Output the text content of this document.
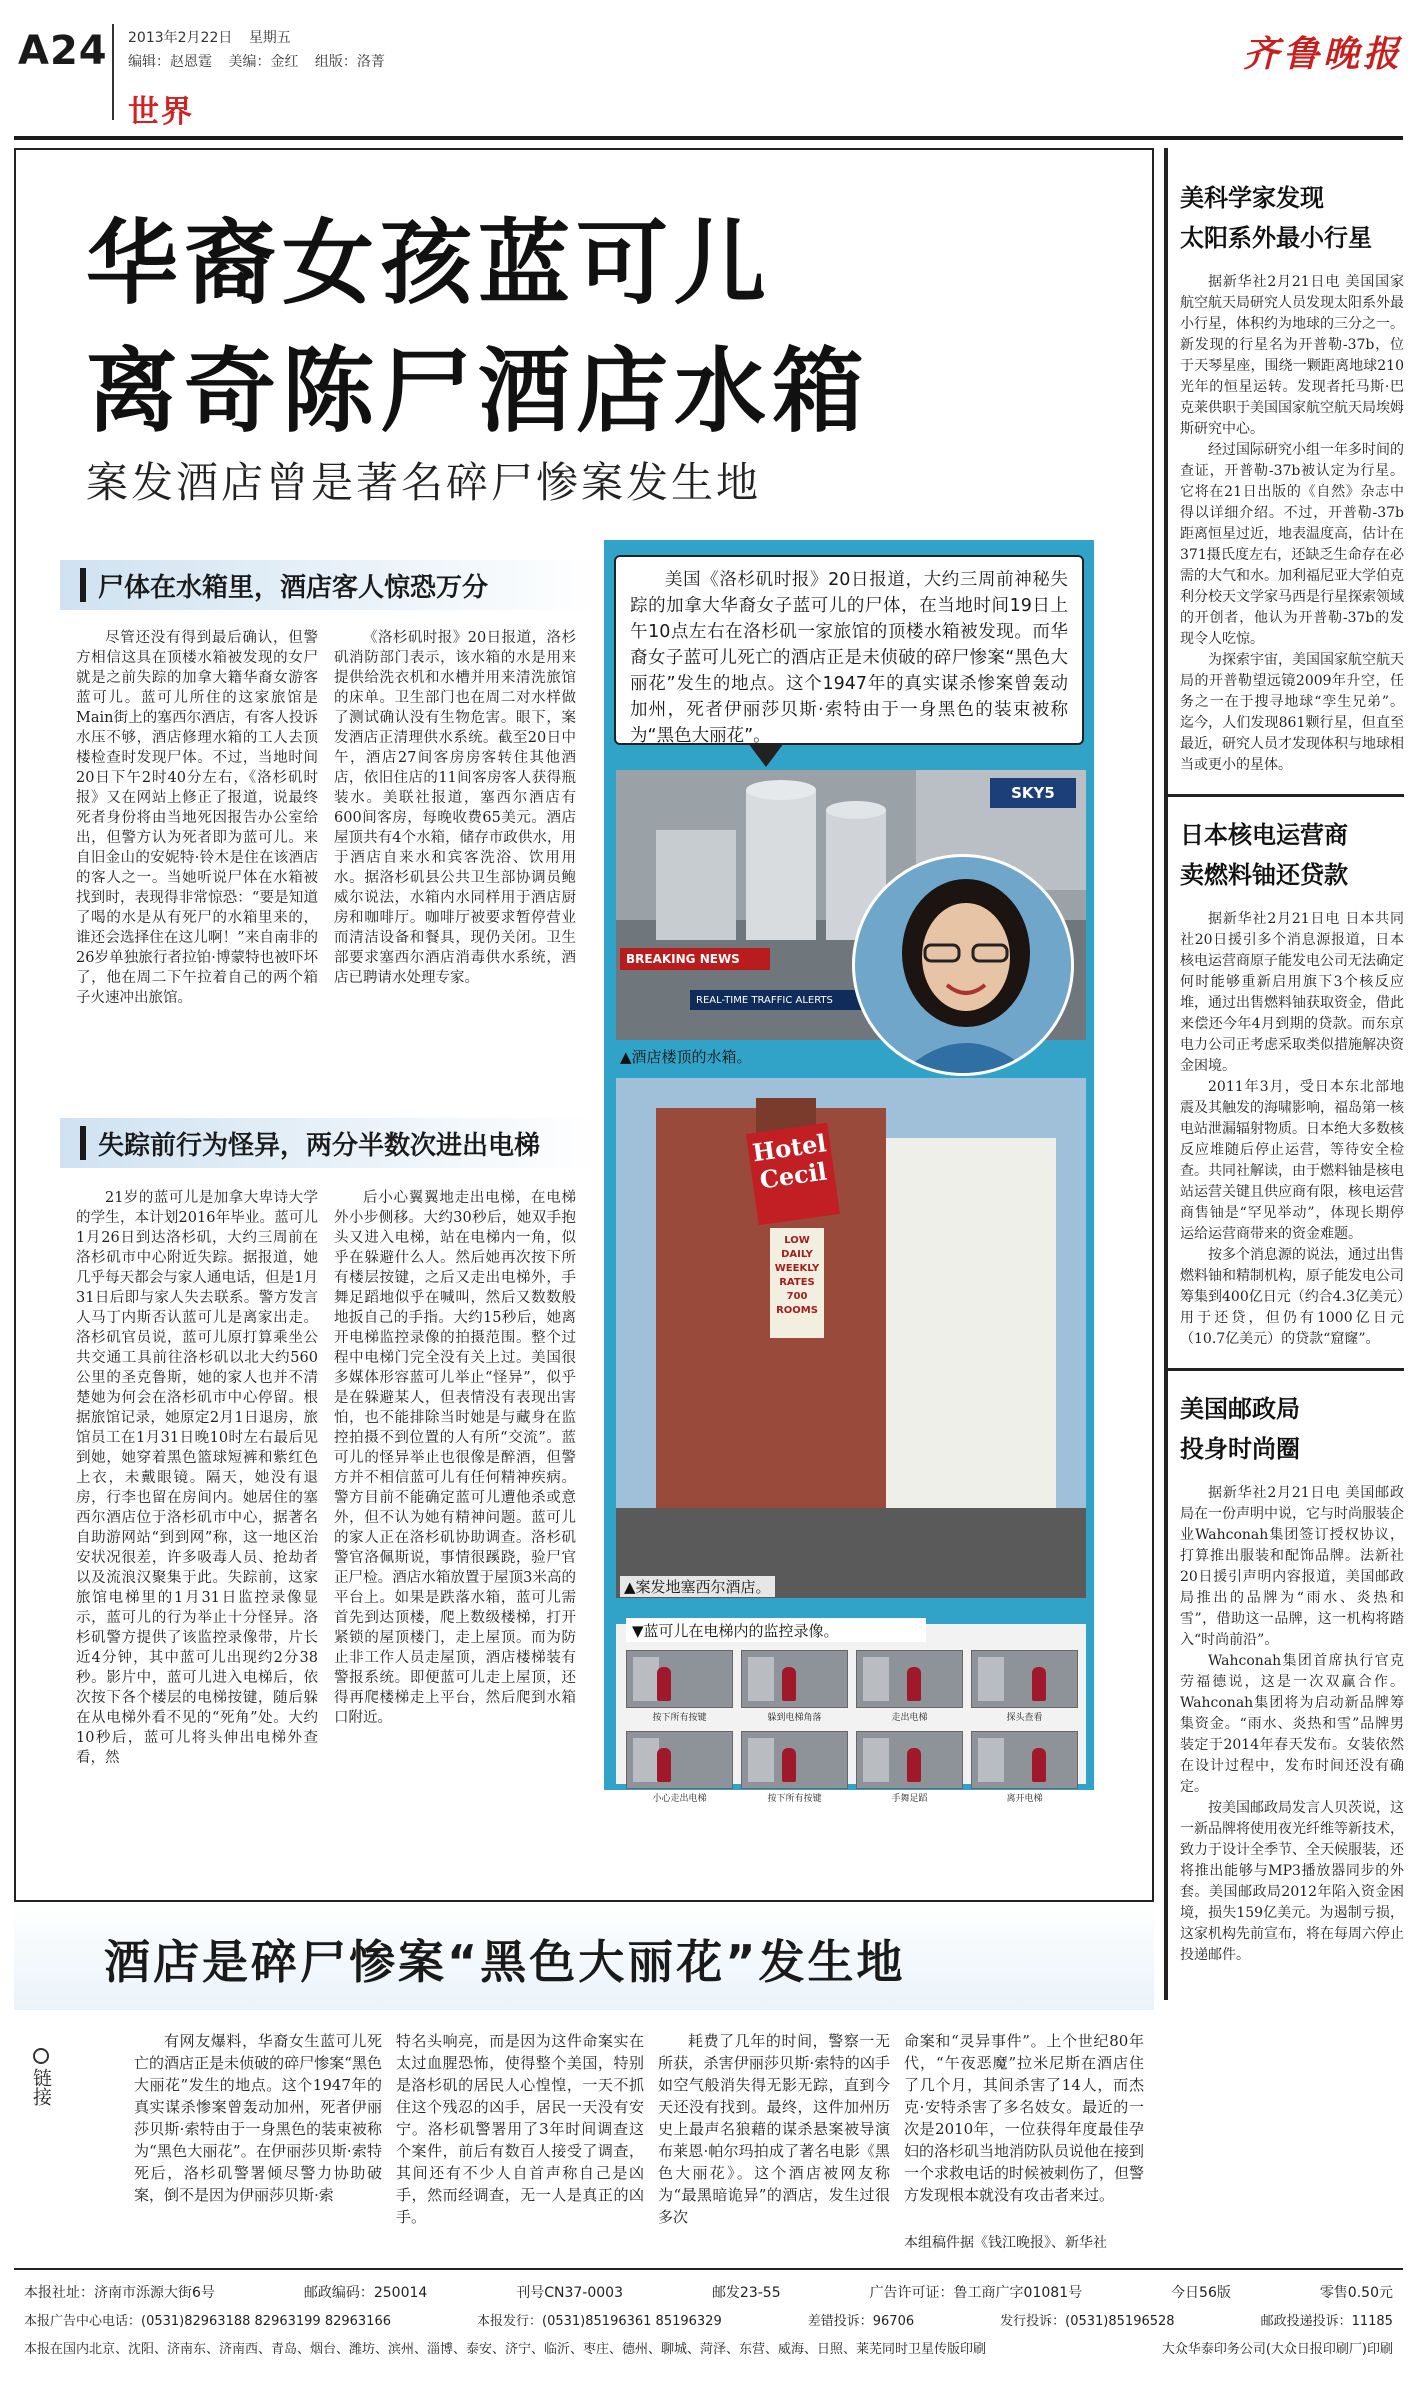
A24 2013年2月22日 星期五
编辑：赵恩霆 美编：金红 组版：洛菁
世界
齐鲁晚报
华裔女孩蓝可儿
离奇陈尸酒店水箱
案发酒店曾是著名碎尸惨案发生地
尸体在水箱里，酒店客人惊恐万分

尽管还没有得到最后确认，但警方相信这具在顶楼水箱被发现的女尸就是之前失踪的加拿大籍华裔女游客蓝可儿。蓝可儿所住的这家旅馆是Main街上的塞西尔酒店，有客人投诉水压不够，酒店修理水箱的工人去顶楼检查时发现尸体。不过，当地时间20日下午2时40分左右，《洛杉矶时报》又在网站上修正了报道，说最终死者身份将由当地死因报告办公室给出，但警方认为死者即为蓝可儿。来自旧金山的安妮特·铃木是住在该酒店的客人之一。当她听说尸体在水箱被找到时，表现得非常惊恐：“要是知道了喝的水是从有死尸的水箱里来的，谁还会选择住在这儿啊！”来自南非的26岁单独旅行者拉铂·博蒙特也被吓坏了，他在周二下午拉着自己的两个箱子火速冲出旅馆。

《洛杉矶时报》20日报道，洛杉矶消防部门表示，该水箱的水是用来提供给洗衣机和水槽并用来清洗旅馆的床单。卫生部门也在周二对水样做了测试确认没有生物危害。眼下，案发酒店正清理供水系统。截至20日中午，酒店27间客房房客转住其他酒店，依旧住店的11间客房客人获得瓶装水。美联社报道，塞西尔酒店有600间客房，每晚收费65美元。酒店屋顶共有4个水箱，储存市政供水，用于酒店自来水和宾客洗浴、饮用用水。据洛杉矶县公共卫生部协调员鲍威尔说法，水箱内水同样用于酒店厨房和咖啡厅。咖啡厅被要求暂停营业而清洁设备和餐具，现仍关闭。卫生部要求塞西尔酒店消毒供水系统，酒店已聘请水处理专家。

失踪前行为怪异，两分半数次进出电梯

21岁的蓝可儿是加拿大卑诗大学的学生，本计划2016年毕业。蓝可儿1月26日到达洛杉矶，大约三周前在洛杉矶市中心附近失踪。据报道，她几乎每天都会与家人通电话，但是1月31日后即与家人失去联系。警方发言人马丁内斯否认蓝可儿是离家出走。洛杉矶官员说，蓝可儿原打算乘坐公共交通工具前往洛杉矶以北大约560公里的圣克鲁斯，她的家人也并不清楚她为何会在洛杉矶市中心停留。根据旅馆记录，她原定2月1日退房，旅馆员工在1月31日晚10时左右最后见到她，她穿着黑色篮球短裤和紫红色上衣，未戴眼镜。隔天，她没有退房，行李也留在房间内。她居住的塞西尔酒店位于洛杉矶市中心，据著名自助游网站“到到网”称，这一地区治安状况很差，许多吸毒人员、抢劫者以及流浪汉聚集于此。失踪前，这家旅馆电梯里的1月31日监控录像显示，蓝可儿的行为举止十分怪异。洛杉矶警方提供了该监控录像带，片长近4分钟，其中蓝可儿出现约2分38秒。影片中，蓝可儿进入电梯后，依次按下各个楼层的电梯按键，随后躲在从电梯外看不见的“死角”处。大约10秒后，蓝可儿将头伸出电梯外查看，然

后小心翼翼地走出电梯，在电梯外小步侧移。大约30秒后，她双手抱头又进入电梯，站在电梯内一角，似乎在躲避什么人。然后她再次按下所有楼层按键，之后又走出电梯外，手舞足蹈地似乎在喊叫，然后又数数般地扳自己的手指。大约15秒后，她离开电梯监控录像的拍摄范围。整个过程中电梯门完全没有关上过。美国很多媒体形容蓝可儿举止“怪异”，似乎是在躲避某人，但表情没有表现出害怕，也不能排除当时她是与藏身在监控拍摄不到位置的人有所“交流”。蓝可儿的怪异举止也很像是醉酒，但警方并不相信蓝可儿有任何精神疾病。警方目前不能确定蓝可儿遭他杀或意外，但不认为她有精神问题。蓝可儿的家人正在洛杉矶协助调查。洛杉矶警官洛佩斯说，事情很蹊跷，验尸官正尸检。酒店水箱放置于屋顶3米高的平台上。如果是跌落水箱，蓝可儿需首先到达顶楼，爬上数级楼梯，打开紧锁的屋顶楼门，走上屋顶。而为防止非工作人员走屋顶，酒店楼梯装有警报系统。即便蓝可儿走上屋顶，还得再爬楼梯走上平台，然后爬到水箱口附近。

美国《洛杉矶时报》20日报道，大约三周前神秘失踪的加拿大华裔女子蓝可儿的尸体，在当地时间19日上午10点左右在洛杉矶一家旅馆的顶楼水箱被发现。而华裔女子蓝可儿死亡的酒店正是未侦破的碎尸惨案“黑色大丽花”发生的地点。这个1947年的真实谋杀惨案曾轰动加州，死者伊丽莎贝斯·索特由于一身黑色的装束被称为“黑色大丽花”。
SKY5
BREAKING NEWS
REAL-TIME TRAFFIC ALERTS
▲酒店楼顶的水箱。
Hotel Cecil
LOW DAILY WEEKLY RATES 700 ROOMS
▲案发地塞西尔酒店。
▼蓝可儿在电梯内的监控录像。
按下所有按键	躲到电梯角落	走出电梯	探头查看
小心走出电梯	按下所有按键	手舞足蹈	离开电梯
酒店是碎尸惨案“黑色大丽花”发生地
链接

有网友爆料，华裔女生蓝可儿死亡的酒店正是未侦破的碎尸惨案“黑色大丽花”发生的地点。这个1947年的真实谋杀惨案曾轰动加州，死者伊丽莎贝斯·索特由于一身黑色的装束被称为“黑色大丽花”。在伊丽莎贝斯·索特死后，洛杉矶警署倾尽警力协助破案，倒不是因为伊丽莎贝斯·索

特名头响亮，而是因为这件命案实在太过血腥恐怖，使得整个美国，特别是洛杉矶的居民人心惶惶，一天不抓住这个残忍的凶手，居民一天没有安宁。洛杉矶警署用了3年时间调查这个案件，前后有数百人接受了调查，其间还有不少人自首声称自己是凶手，然而经调查，无一人是真正的凶手。

耗费了几年的时间，警察一无所获，杀害伊丽莎贝斯·索特的凶手如空气般消失得无影无踪，直到今天还没有找到。最终，这件加州历史上最声名狼藉的谋杀悬案被导演布莱恩·帕尔玛拍成了著名电影《黑色大丽花》。这个酒店被网友称为“最黑暗诡异”的酒店，发生过很多次

命案和“灵异事件”。上个世纪80年代，“午夜恶魔”拉米尼斯在酒店住了几个月，其间杀害了14人，而杰克·安特杀害了多名妓女。最近的一次是2010年，一位获得年度最佳孕妇的洛杉矶当地消防队员说他在接到一个求救电话的时候被刺伤了，但警方发现根本就没有攻击者来过。

本组稿件据《钱江晚报》、新华社
美科学家发现
太阳系外最小行星

据新华社2月21日电 美国国家航空航天局研究人员发现太阳系外最小行星，体积约为地球的三分之一。新发现的行星名为开普勒-37b，位于天琴星座，围绕一颗距离地球210光年的恒星运转。发现者托马斯·巴克莱供职于美国国家航空航天局埃姆斯研究中心。

经过国际研究小组一年多时间的查证，开普勒-37b被认定为行星。它将在21日出版的《自然》杂志中得以详细介绍。不过，开普勒-37b距离恒星过近，地表温度高，估计在371摄氏度左右，还缺乏生命存在必需的大气和水。加利福尼亚大学伯克利分校天文学家马西是行星探索领域的开创者，他认为开普勒-37b的发现令人吃惊。

为探索宇宙，美国国家航空航天局的开普勒望远镜2009年升空，任务之一在于搜寻地球“孪生兄弟”。迄今，人们发现861颗行星，但直至最近，研究人员才发现体积与地球相当或更小的星体。

日本核电运营商
卖燃料铀还贷款

据新华社2月21日电 日本共同社20日援引多个消息源报道，日本核电运营商原子能发电公司无法确定何时能够重新启用旗下3个核反应堆，通过出售燃料铀获取资金，借此来偿还今年4月到期的贷款。而东京电力公司正考虑采取类似措施解决资金困境。

2011年3月，受日本东北部地震及其触发的海啸影响，福岛第一核电站泄漏辐射物质。日本绝大多数核反应堆随后停止运营，等待安全检查。共同社解读，由于燃料铀是核电站运营关键且供应商有限，核电运营商售铀是“罕见举动”，体现长期停运给运营商带来的资金难题。

按多个消息源的说法，通过出售燃料铀和精制机构，原子能发电公司筹集到400亿日元（约合4.3亿美元）用于还贷，但仍有1000亿日元（10.7亿美元）的贷款“窟窿”。

美国邮政局
投身时尚圈

据新华社2月21日电 美国邮政局在一份声明中说，它与时尚服装企业Wahconah集团签订授权协议，打算推出服装和配饰品牌。法新社20日援引声明内容报道，美国邮政局推出的品牌为“雨水、炎热和雪”，借助这一品牌，这一机构将踏入“时尚前沿”。

Wahconah集团首席执行官克劳福德说，这是一次双赢合作。Wahconah集团将为启动新品牌筹集资金。“雨水、炎热和雪”品牌男装定于2014年春天发布。女装依然在设计过程中，发布时间还没有确定。

按美国邮政局发言人贝茨说，这一新品牌将使用夜光纤维等新技术，致力于设计全季节、全天候服装，还将推出能够与MP3播放器同步的外套。美国邮政局2012年陷入资金困境，损失159亿美元。为遏制亏损，这家机构先前宣布，将在每周六停止投递邮件。

本报社址：济南市泺源大街6号	邮政编码：250014	刊号CN37-0003	邮发23-55	广告许可证：鲁工商广字01081号	今日56版	零售0.50元
本报广告中心电话：(0531)82963188 82963199 82963166	本报发行：(0531)85196361 85196329	差错投诉：96706	发行投诉：(0531)85196528	邮政投递投诉：11185
本报在国内北京、沈阳、济南东、济南西、青岛、烟台、潍坊、滨州、淄博、泰安、济宁、临沂、枣庄、德州、聊城、菏泽、东营、威海、日照、莱芜同时卫星传版印刷	大众华泰印务公司(大众日报印刷厂)印刷
